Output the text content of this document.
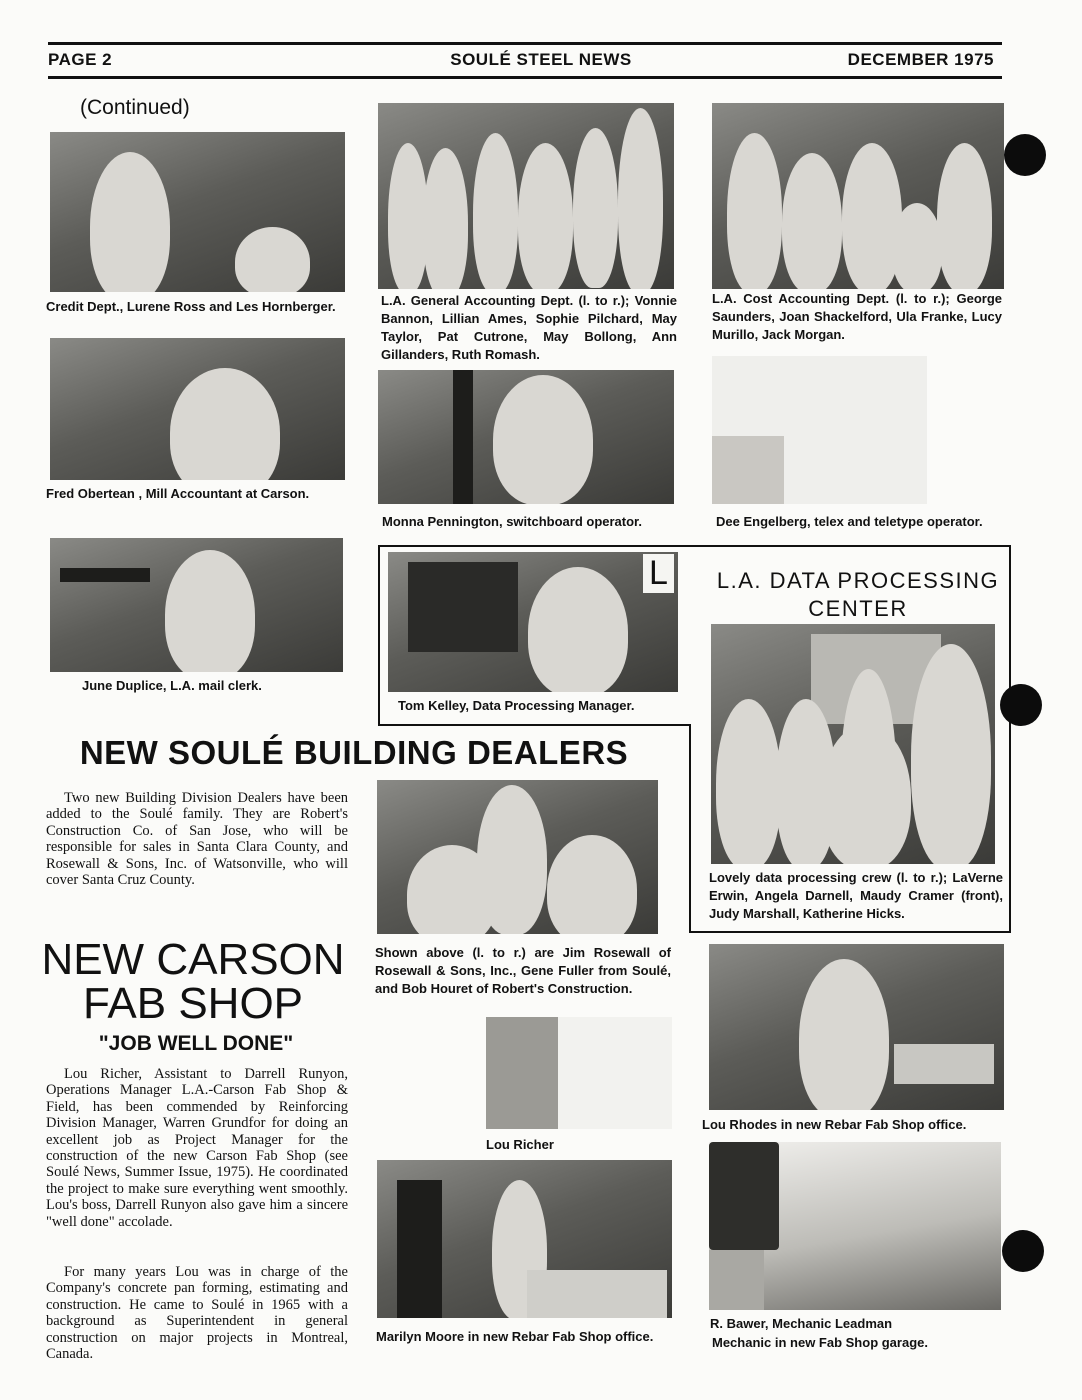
PAGE 2	SOULÉ STEEL NEWS	DECEMBER 1975
(Continued)
Credit Dept., Lurene Ross and Les Hornberger.	L.A. General Accounting Dept. (l. to r.); Vonnie Bannon, Lillian Ames, Sophie Pilchard, May Taylor, Pat Cutrone, May Bollong, Ann Gillanders, Ruth Romash.
L.A. Cost Accounting Dept. (l. to r.); George Saunders, Joan Shackelford, Ula Franke, Lucy Murillo, Jack Morgan.
Fred Obertean , Mill Accountant at Carson.
Monna Pennington, switchboard operator.	Dee Engelberg, telex and teletype operator.
June Duplice, L.A. mail clerk.
L
Tom Kelley, Data Processing Manager.
L.A. DATA PROCESSING
CENTER
Lovely data processing crew (l. to r.); LaVerne Erwin, Angela Darnell, Maudy Cramer (front), Judy Marshall, Katherine Hicks.
NEW SOULÉ BUILDING DEALERS
Two new Building Division Dealers have been added to the Soulé family. They are Robert's Construction Co. of San Jose, who will be responsible for sales in Santa Clara County, and Rosewall & Sons, Inc. of Watsonville, who will cover Santa Cruz County.
Shown above (l. to r.) are Jim Rosewall of Rosewall & Sons, Inc., Gene Fuller from Soulé, and Bob Houret of Robert's Construction.
NEW CARSON
FAB SHOP
"JOB WELL DONE"
Lou Richer, Assistant to Darrell Runyon, Operations Manager L.A.-Carson Fab Shop & Field, has been commended by Reinforcing Division Manager, Warren Grundfor for doing an excellent job as Project Manager for the construction of the new Carson Fab Shop (see Soulé News, Summer Issue, 1975). He coordinated the project to make sure everything went smoothly. Lou's boss, Darrell Runyon also gave him a sincere "well done" accolade.
For many years Lou was in charge of the Company's concrete pan forming, estimating and construction. He came to Soulé in 1965 with a background as Superintendent in general construction on major projects in Montreal, Canada.
Lou Richer
Lou Rhodes in new Rebar Fab Shop office.
Marilyn Moore in new Rebar Fab Shop office.
R. Bawer, Mechanic Leadman
Mechanic in new Fab Shop garage.
